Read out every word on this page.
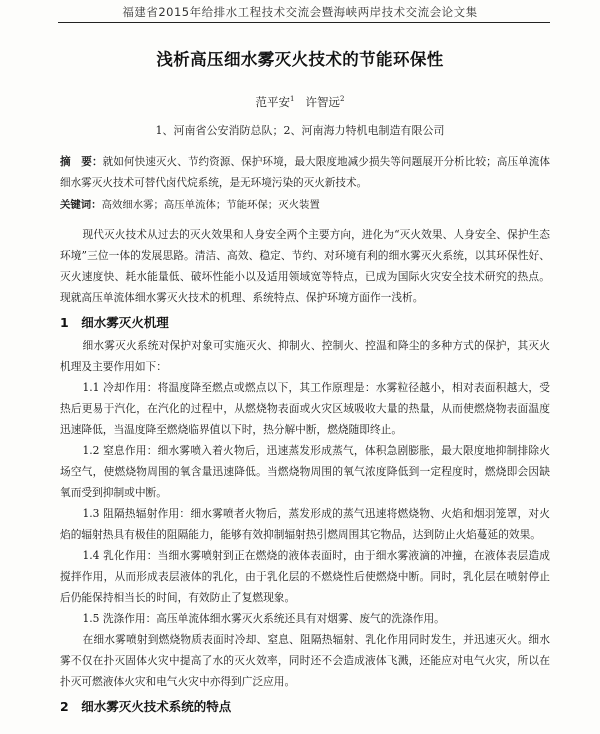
福建省2015年给排水工程技术交流会暨海峡两岸技术交流会论文集
浅析高压细水雾灭火技术的节能环保性
范平安$^1$ 许智远$^2$
1、河南省公安消防总队；2、河南海力特机电制造有限公司
摘　要：就如何快速灭火、节约资源、保护环境，最大限度地减少损失等问题展开分析比较；高压单流体细水雾灭火技术可替代卤代烷系统，是无环境污染的灭火新技术。
关键词：高效细水雾；高压单流体；节能环保；灭火装置

现代灭火技术从过去的灭火效果和人身安全两个主要方向，进化为“灭火效果、人身安全、保护生态环境”三位一体的发展思路。清洁、高效、稳定、节约、对环境有利的细水雾灭火系统，以其环保性好、灭火速度快、耗水能量低、破坏性能小以及适用领域宽等特点，已成为国际火灾安全技术研究的热点。现就高压单流体细水雾灭火技术的机理、系统特点、保护环境方面作一浅析。

1　细水雾灭火机理

细水雾灭火系统对保护对象可实施灭火、抑制火、控制火、控温和降尘的多种方式的保护，其灭火机理及主要作用如下：

1.1 冷却作用：将温度降至燃点或燃点以下，其工作原理是：水雾粒径越小，相对表面积越大，受热后更易于汽化，在汽化的过程中，从燃烧物表面或火灾区域吸收大量的热量，从而使燃烧物表面温度迅速降低，当温度降至燃烧临界值以下时，热分解中断，燃烧随即终止。

1.2 窒息作用：细水雾喷入着火物后，迅速蒸发形成蒸气，体积急剧膨胀，最大限度地抑制排除火场空气，使燃烧物周围的氧含量迅速降低。当燃烧物周围的氧气浓度降低到一定程度时，燃烧即会因缺氧而受到抑制或中断。

1.3 阻隔热辐射作用：细水雾喷者火物后，蒸发形成的蒸气迅速将燃烧物、火焰和烟羽笼罩，对火焰的辐射热具有极佳的阻隔能力，能够有效抑制辐射热引燃周围其它物品，达到防止火焰蔓延的效果。

1.4 乳化作用：当细水雾喷射到正在燃烧的液体表面时，由于细水雾液滴的冲撞，在液体表层造成搅拌作用，从而形成表层液体的乳化，由于乳化层的不燃烧性后使燃烧中断。同时，乳化层在喷射停止后仍能保持相当长的时间，有效防止了复燃现象。

1.5 洗涤作用：高压单流体细水雾灭火系统还具有对烟雾、废气的洗涤作用。

在细水雾喷射到燃烧物质表面时冷却、窒息、阻隔热辐射、乳化作用同时发生，并迅速灭火。细水雾不仅在扑灭固体火灾中提高了水的灭火效率，同时还不会造成液体飞溅，还能应对电气火灾，所以在扑灭可燃液体火灾和电气火灾中亦得到广泛应用。

2　细水雾灭火技术系统的特点
